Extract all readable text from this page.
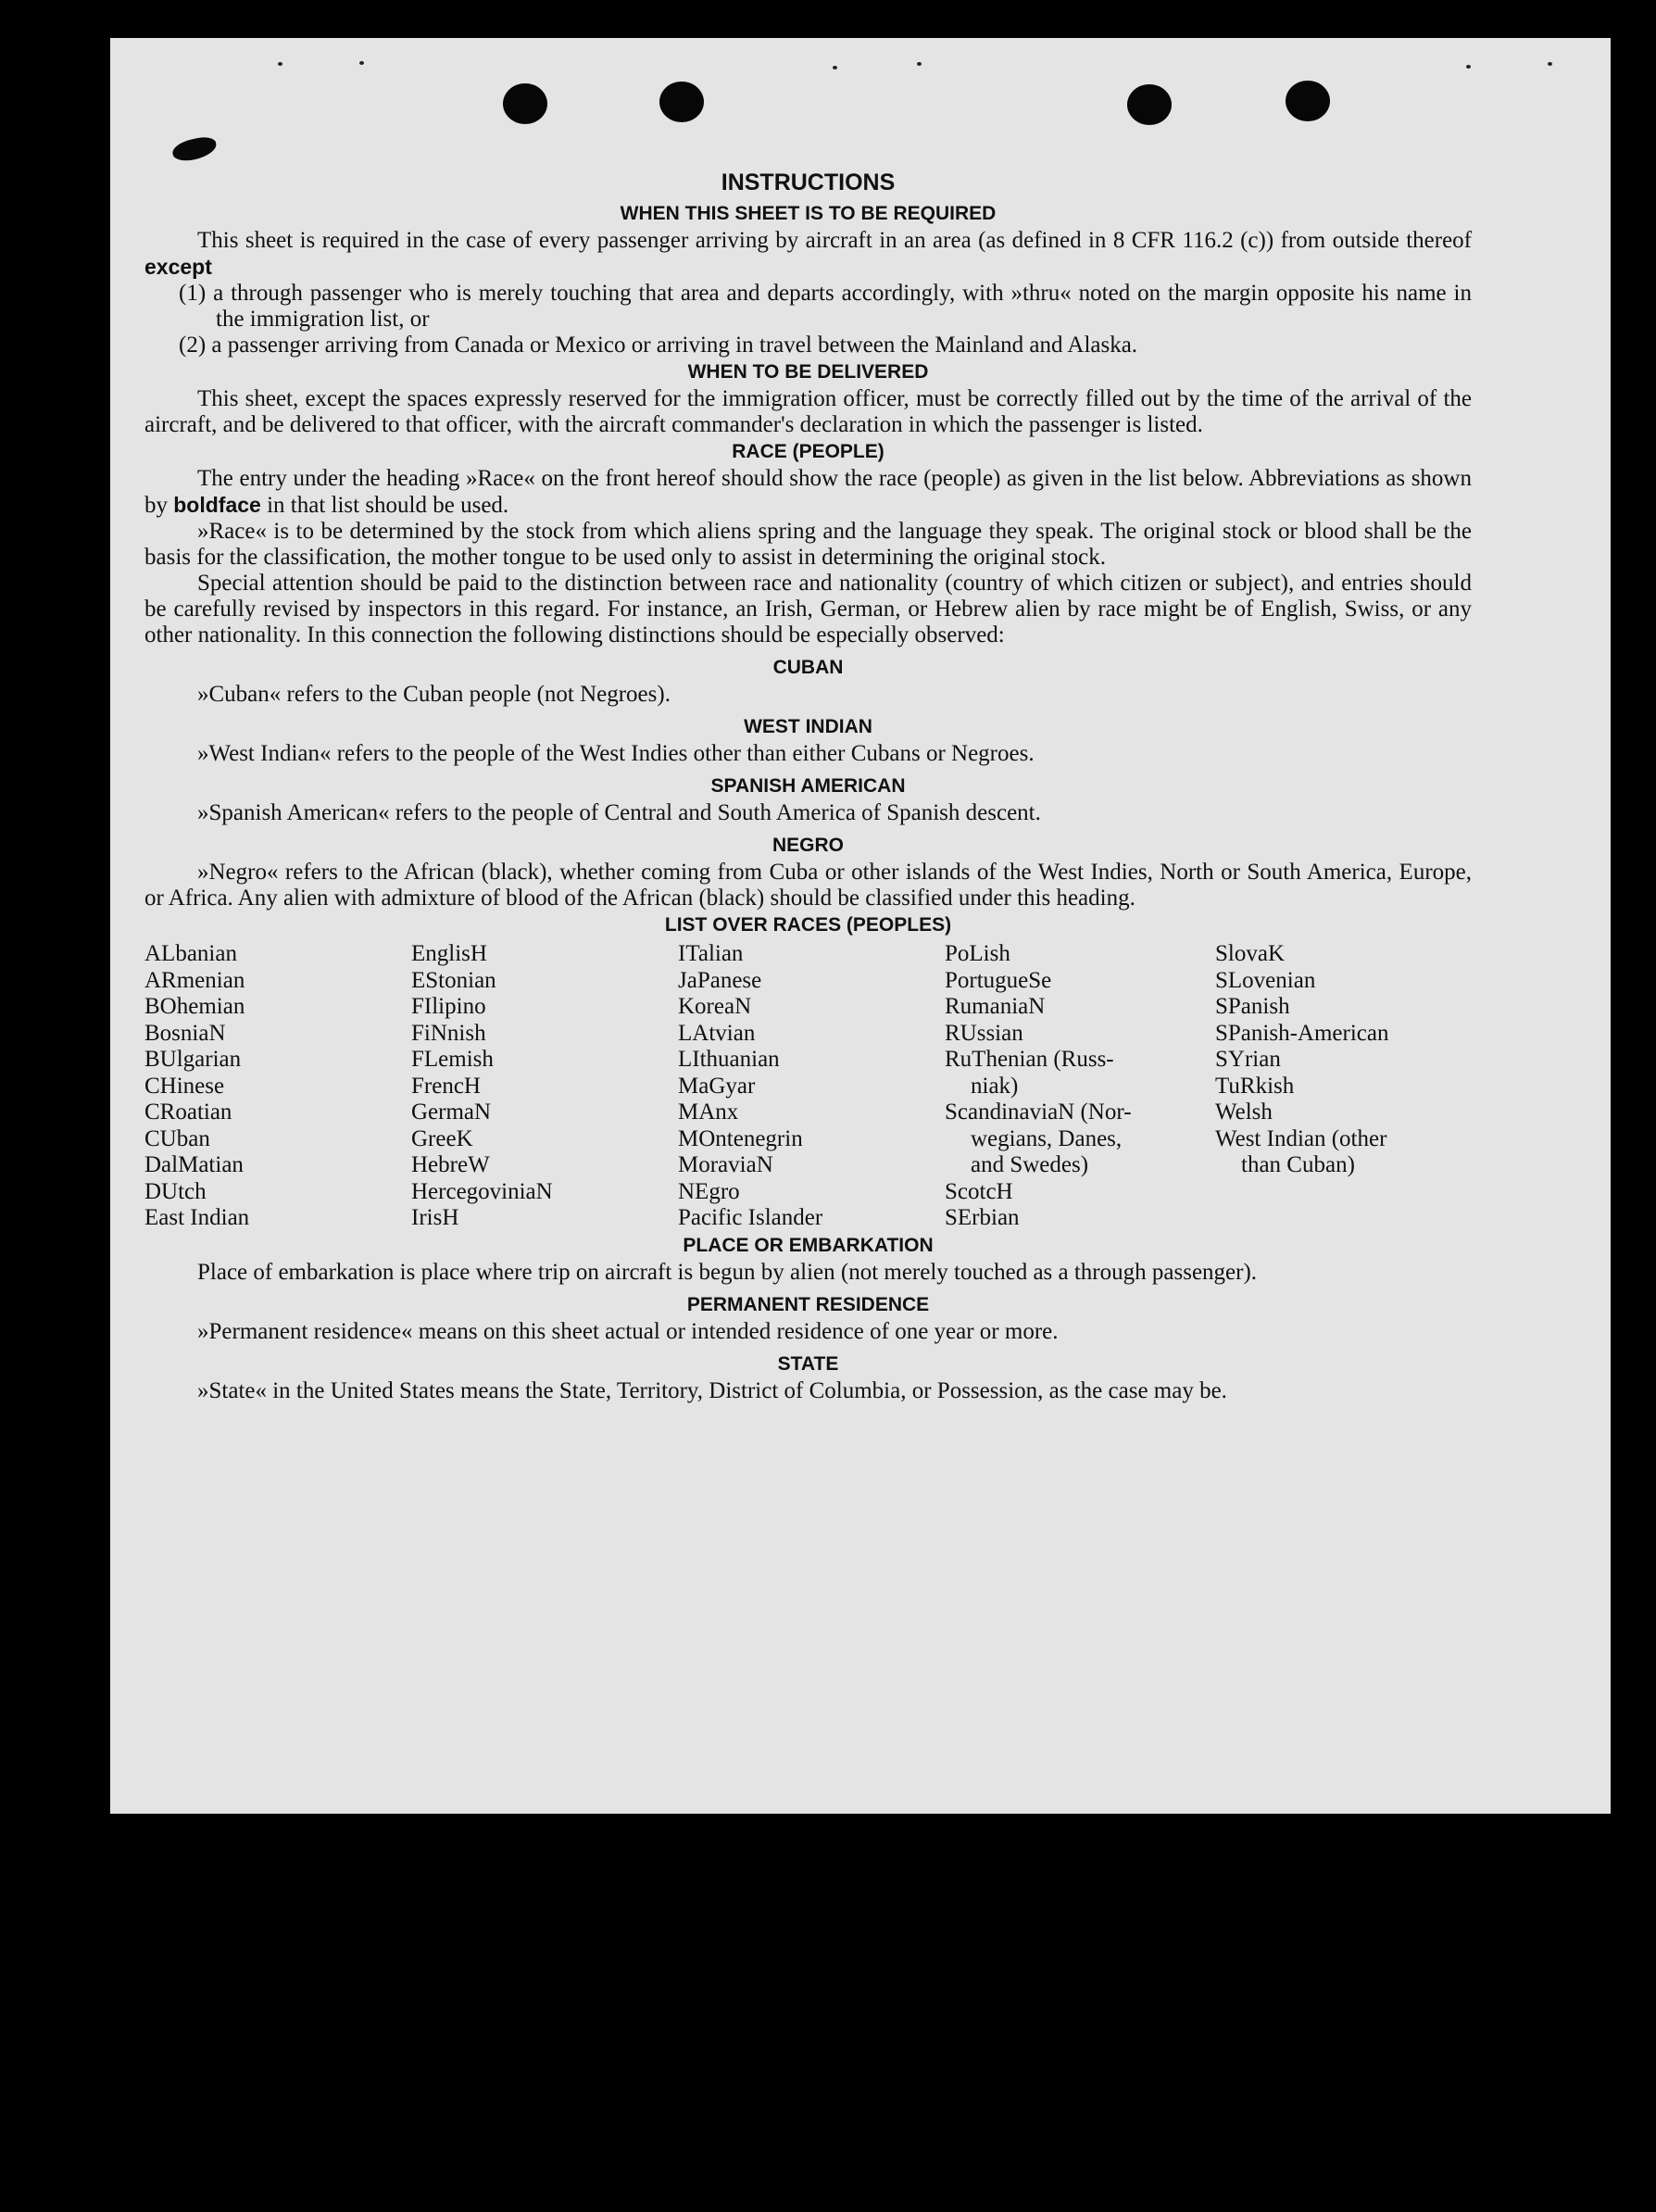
INSTRUCTIONS
WHEN THIS SHEET IS TO BE REQUIRED

This sheet is required in the case of every passenger arriving by aircraft in an area (as defined in 8 CFR 116.2 (c)) from outside thereof except

(1) a through passenger who is merely touching that area and departs accordingly, with »thru« noted on the margin opposite his name in the immigration list, or

(2) a passenger arriving from Canada or Mexico or arriving in travel between the Mainland and Alaska.

WHEN TO BE DELIVERED

This sheet, except the spaces expressly reserved for the immigration officer, must be correctly filled out by the time of the arrival of the aircraft, and be delivered to that officer, with the aircraft commander's declaration in which the passenger is listed.

RACE (PEOPLE)

The entry under the heading »Race« on the front hereof should show the race (people) as given in the list below. Abbreviations as shown by boldface in that list should be used.

»Race« is to be determined by the stock from which aliens spring and the language they speak. The original stock or blood shall be the basis for the classification, the mother tongue to be used only to assist in determining the original stock.

Special attention should be paid to the distinction between race and nationality (country of which citizen or subject), and entries should be carefully revised by inspectors in this regard. For instance, an Irish, German, or Hebrew alien by race might be of English, Swiss, or any other nationality. In this connection the following distinctions should be especially observed:

CUBAN

»Cuban« refers to the Cuban people (not Negroes).

WEST INDIAN

»West Indian« refers to the people of the West Indies other than either Cubans or Negroes.

SPANISH AMERICAN

»Spanish American« refers to the people of Central and South America of Spanish descent.

NEGRO

»Negro« refers to the African (black), whether coming from Cuba or other islands of the West Indies, North or South America, Europe, or Africa. Any alien with admixture of blood of the African (black) should be classified under this heading.

LIST OVER RACES (PEOPLES)
ALbanian
ARmenian
BOhemian
BosniaN
BUlgarian
CHinese
CRoatian
CUban
DalMatian
DUtch
East Indian
EnglisH
EStonian
FIlipino
FiNnish
FLemish
FrencH
GermaN
GreeK
HebreW
HercegoviniaN
IrisH
ITalian
JaPanese
KoreaN
LAtvian
LIthuanian
MaGyar
MAnx
MOntenegrin
MoraviaN
NEgro
Pacific Islander
PoLish
PortugueSe
RumaniaN
RUssian
RuThenian (Russ-
niak)
ScandinaviaN (Nor-
wegians, Danes,
and Swedes)
ScotcH
SErbian
SlovaK
SLovenian
SPanish
SPanish-American
SYrian
TuRkish
Welsh
West Indian (other
than Cuban)
PLACE OR EMBARKATION

Place of embarkation is place where trip on aircraft is begun by alien (not merely touched as a through passenger).

PERMANENT RESIDENCE

»Permanent residence« means on this sheet actual or intended residence of one year or more.

STATE

»State« in the United States means the State, Territory, District of Columbia, or Possession, as the case may be.
